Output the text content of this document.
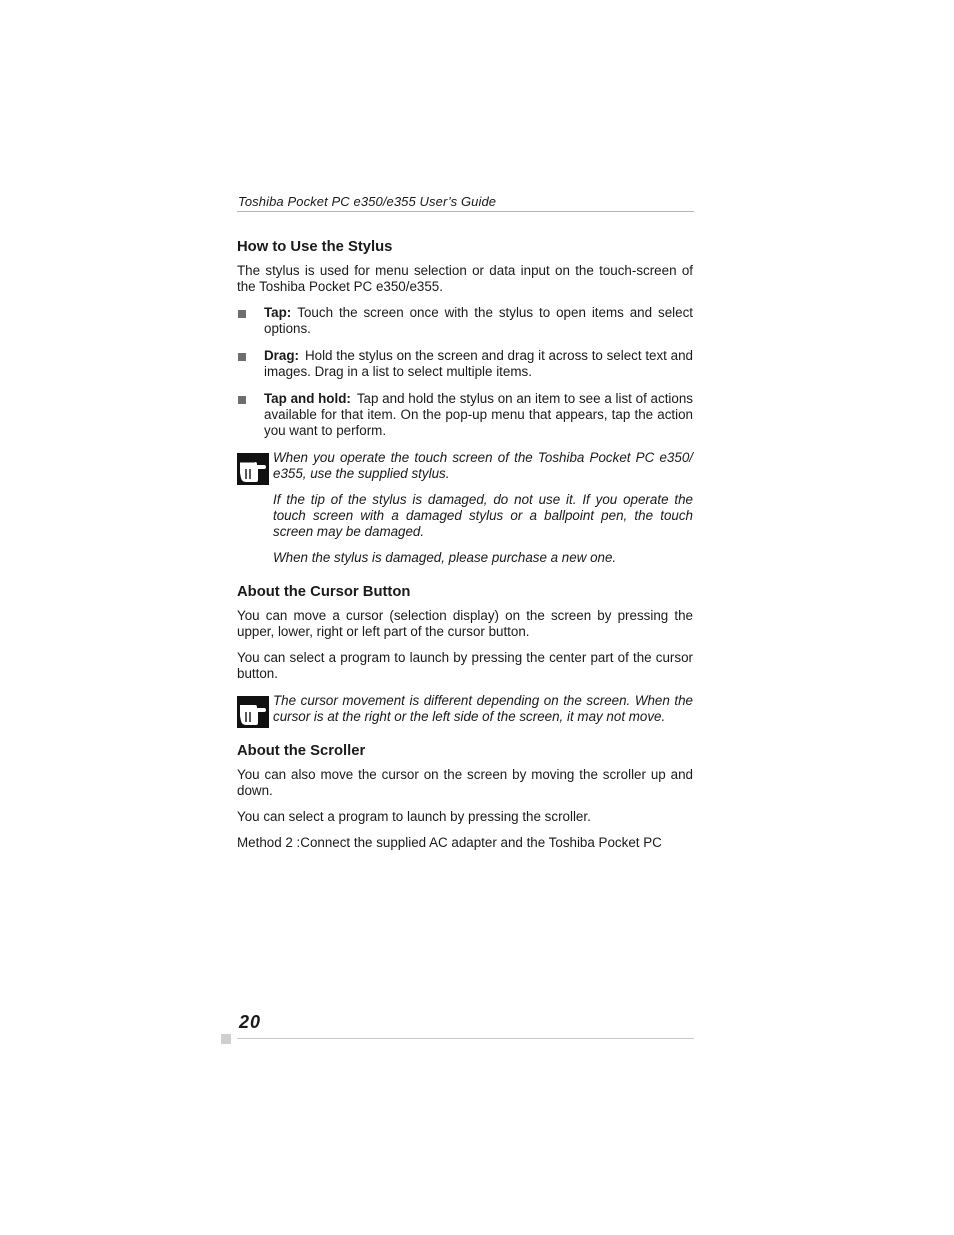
Toshiba Pocket PC e350/e355 User’s Guide
How to Use the Stylus

The stylus is used for menu selection or data input on the touch-screen of the Toshiba Pocket PC e350/e355.

Tap: Touch the screen once with the stylus to open items and select options.
Drag: Hold the stylus on the screen and drag it across to select text and images. Drag in a list to select multiple items.
Tap and hold: Tap and hold the stylus on an item to see a list of actions available for that item. On the pop-up menu that appears, tap the action you want to perform.

When you operate the touch screen of the Toshiba Pocket PC e350/ e355, use the supplied stylus.

If the tip of the stylus is damaged, do not use it. If you operate the touch screen with a damaged stylus or a ballpoint pen, the touch screen may be damaged.

When the stylus is damaged, please purchase a new one.

About the Cursor Button

You can move a cursor (selection display) on the screen by pressing the upper, lower, right or left part of the cursor button.

You can select a program to launch by pressing the center part of the cursor button.

The cursor movement is different depending on the screen. When the cursor is at the right or the left side of the screen, it may not move.

About the Scroller

You can also move the cursor on the screen by moving the scroller up and down.

You can select a program to launch by pressing the scroller.

Method 2 :Connect the supplied AC adapter and the Toshiba Pocket PC

20
